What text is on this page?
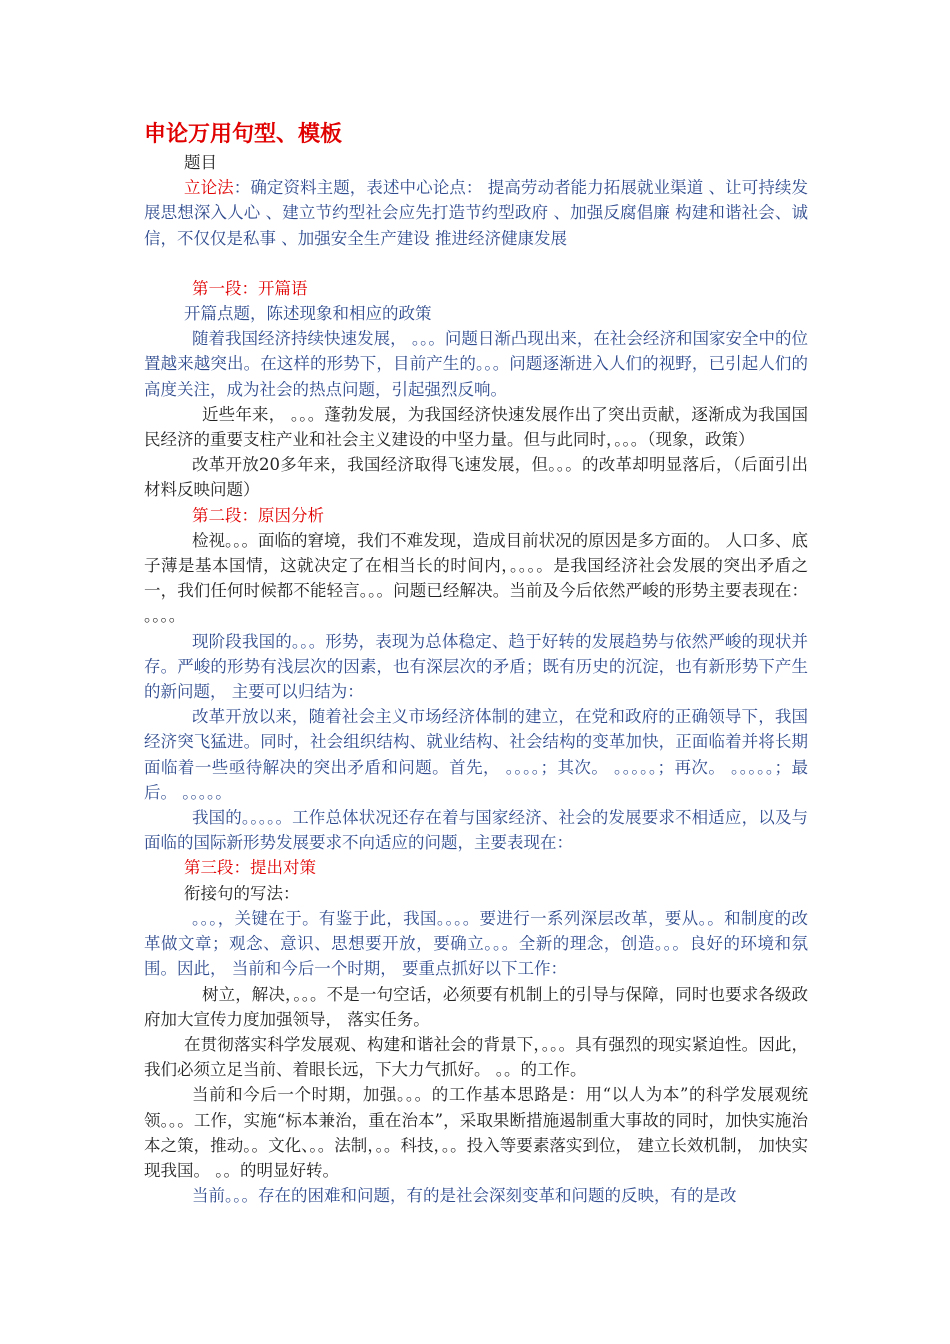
申论万用句型、模板

题目

立论法：确定资料主题，表述中心论点： 提高劳动者能力拓展就业渠道 、让可持续发展思想深入人心 、建立节约型社会应先打造节约型政府 、加强反腐倡廉 构建和谐社会、诚信，不仅仅是私事 、加强安全生产建设 推进经济健康发展

第一段：开篇语

开篇点题，陈述现象和相应的政策

随着我国经济持续快速发展， 。。。问题日渐凸现出来，在社会经济和国家安全中的位置越来越突出。在这样的形势下，目前产生的。。。问题逐渐进入人们的视野，已引起人们的高度关注，成为社会的热点问题，引起强烈反响。

近些年来， 。。。蓬勃发展，为我国经济快速发展作出了突出贡献，逐渐成为我国国民经济的重要支柱产业和社会主义建设的中坚力量。但与此同时，。。。（现象，政策）

改革开放20多年来，我国经济取得飞速发展，但。。。的改革却明显落后，（后面引出材料反映问题）

第二段：原因分析

检视。。。面临的窘境，我们不难发现，造成目前状况的原因是多方面的。 人口多、底子薄是基本国情，这就决定了在相当长的时间内，。。。。是我国经济社会发展的突出矛盾之一，我们任何时候都不能轻言。。。问题已经解决。当前及今后依然严峻的形势主要表现在： 。。。。

现阶段我国的。。。形势，表现为总体稳定、趋于好转的发展趋势与依然严峻的现状并存。严峻的形势有浅层次的因素，也有深层次的矛盾；既有历史的沉淀，也有新形势下产生的新问题， 主要可以归结为：

改革开放以来，随着社会主义市场经济体制的建立，在党和政府的正确领导下，我国经济突飞猛进。同时，社会组织结构、就业结构、社会结构的变革加快，正面临着并将长期面临着一些亟待解决的突出矛盾和问题。首先， 。。。。；其次。 。。。。。；再次。 。。。。。；最后。 。。。。。

我国的。。。。。工作总体状况还存在着与国家经济、社会的发展要求不相适应，以及与面临的国际新形势发展要求不向适应的问题，主要表现在：

第三段：提出对策

衔接句的写法：

。。。，关键在于。有鉴于此，我国。。。。要进行一系列深层改革，要从。。和制度的改革做文章；观念、意识、思想要开放，要确立。。。全新的理念，创造。。。良好的环境和氛围。因此， 当前和今后一个时期， 要重点抓好以下工作：

树立，解决，。。。不是一句空话，必须要有机制上的引导与保障，同时也要求各级政府加大宣传力度加强领导， 落实任务。

在贯彻落实科学发展观、构建和谐社会的背景下，。。。具有强烈的现实紧迫性。因此，我们必须立足当前、着眼长远，下大力气抓好。 。。的工作。

当前和今后一个时期，加强。。。的工作基本思路是：用“以人为本”的科学发展观统领。。。工作，实施“标本兼治，重在治本”，采取果断措施遏制重大事故的同时，加快实施治本之策，推动。。文化、。。法制，。。科技，。。投入等要素落实到位， 建立长效机制， 加快实现我国。 。。的明显好转。

当前。。。存在的困难和问题，有的是社会深刻变革和问题的反映，有的是改
